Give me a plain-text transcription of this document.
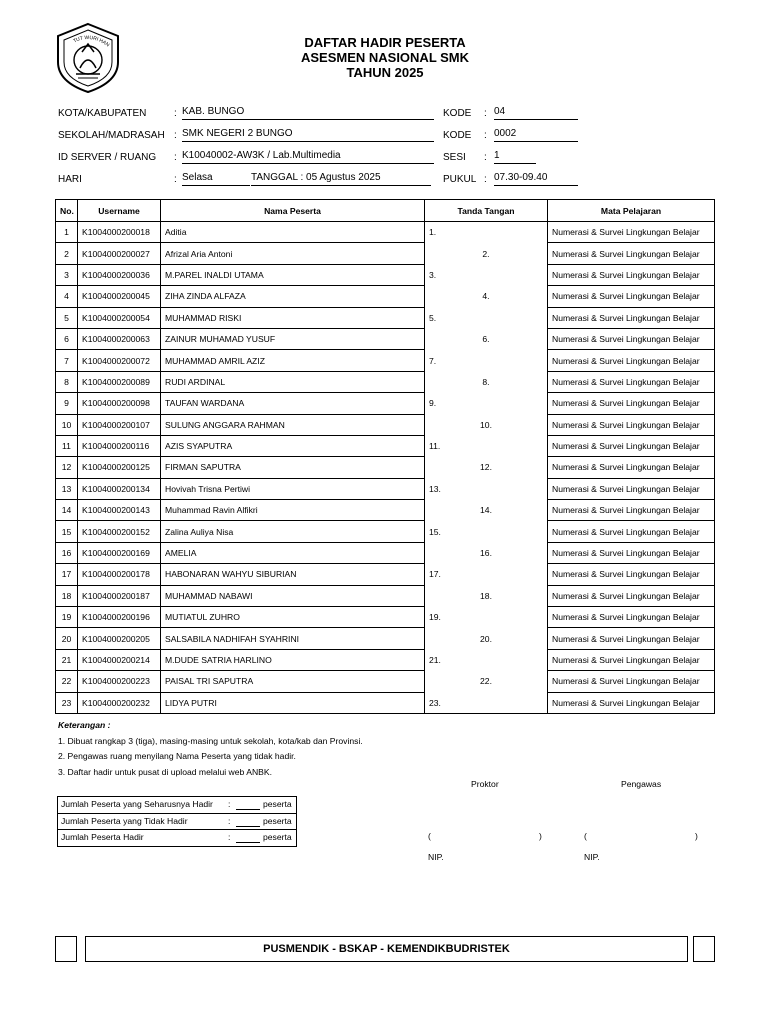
TUT WURI HAN	DAFTAR HADIR PESERTA
ASESMEN NASIONAL SMK
TAHUN 2025
KOTA/KABUPATEN	: KAB. BUNGO	KODE : 04
SEKOLAH/MADRASAH : SMK NEGERI 2 BUNGO	KODE : 0002
ID SERVER / RUANG : K10040002-AW3K / Lab.Multimedia	SESI : 1
HARI	: Selasa	TANGGAL : 05 Agustus 2025	PUKUL : 07.30-09.40
No.	Username	Nama Peserta	Tanda Tangan	Mata Pelajaran
1	K1004000200018	Aditia	1.	Numerasi & Survei Lingkungan Belajar
2	K1004000200027	Afrizal Aria Antoni	2.	Numerasi & Survei Lingkungan Belajar
3	K1004000200036	M.PAREL INALDI UTAMA	3.	Numerasi & Survei Lingkungan Belajar
4	K1004000200045	ZIHA ZINDA ALFAZA	4.	Numerasi & Survei Lingkungan Belajar
5	K1004000200054	MUHAMMAD RISKI	5.	Numerasi & Survei Lingkungan Belajar
6	K1004000200063	ZAINUR MUHAMAD YUSUF	6.	Numerasi & Survei Lingkungan Belajar
7	K1004000200072	MUHAMMAD AMRIL AZIZ	7.	Numerasi & Survei Lingkungan Belajar
8	K1004000200089	RUDI ARDINAL	8.	Numerasi & Survei Lingkungan Belajar
9	K1004000200098	TAUFAN WARDANA	9.	Numerasi & Survei Lingkungan Belajar
10	K1004000200107	SULUNG ANGGARA RAHMAN	10.	Numerasi & Survei Lingkungan Belajar
11	K1004000200116	AZIS SYAPUTRA	11.	Numerasi & Survei Lingkungan Belajar
12	K1004000200125	FIRMAN SAPUTRA	12.	Numerasi & Survei Lingkungan Belajar
13	K1004000200134	Hovivah Trisna Pertiwi	13.	Numerasi & Survei Lingkungan Belajar
14	K1004000200143	Muhammad Ravin Alfikri	14.	Numerasi & Survei Lingkungan Belajar
15	K1004000200152	Zalina Auliya Nisa	15.	Numerasi & Survei Lingkungan Belajar
16	K1004000200169	AMELIA	16.	Numerasi & Survei Lingkungan Belajar
17	K1004000200178	HABONARAN WAHYU SIBURIAN	17.	Numerasi & Survei Lingkungan Belajar
18	K1004000200187	MUHAMMAD NABAWI	18.	Numerasi & Survei Lingkungan Belajar
19	K1004000200196	MUTIATUL ZUHRO	19.	Numerasi & Survei Lingkungan Belajar
20	K1004000200205	SALSABILA NADHIFAH SYAHRINI	20.	Numerasi & Survei Lingkungan Belajar
21	K1004000200214	M.DUDE SATRIA HARLINO	21.	Numerasi & Survei Lingkungan Belajar
22	K1004000200223	PAISAL TRI SAPUTRA	22.	Numerasi & Survei Lingkungan Belajar
23	K1004000200232	LIDYA PUTRI	23.	Numerasi & Survei Lingkungan Belajar
Keterangan :
1. Dibuat rangkap 3 (tiga), masing-masing untuk sekolah, kota/kab dan Provinsi.
2. Pengawas ruang menyilang Nama Peserta yang tidak hadir.
3. Daftar hadir untuk pusat di upload melalui web ANBK.
Jumlah Peserta yang Seharusnya Hadir :	peserta
Jumlah Peserta yang Tidak Hadir	:	peserta
Jumlah Peserta Hadir	:	peserta
Proktor	Pengawas
(	)	(	)
NIP.	NIP.
PUSMENDIK - BSKAP - KEMENDIKBUDRISTEK
